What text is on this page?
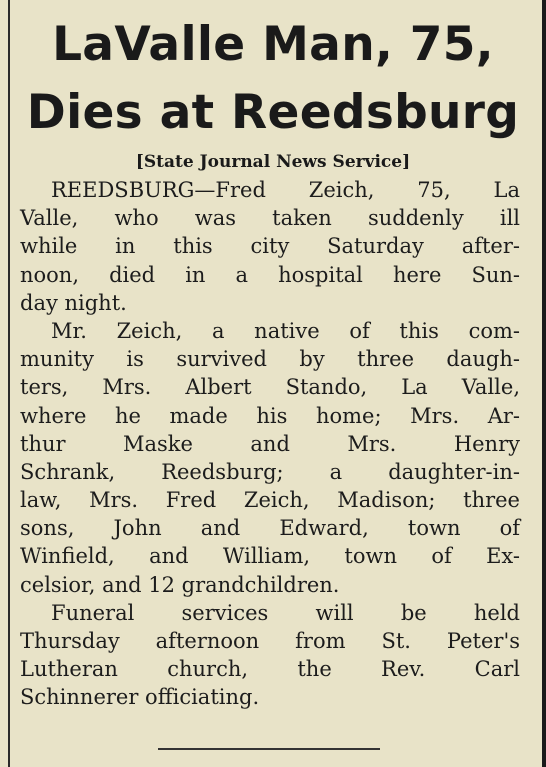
LaValle Man, 75,
Dies at Reedsburg
[State Journal News Service]
REEDSBURG—Fred Zeich, 75, La
Valle, who was taken suddenly ill
while in this city Saturday after-
noon, died in a hospital here Sun-
day night.
Mr. Zeich, a native of this com-
munity is survived by three daugh-
ters, Mrs. Albert Stando, La Valle,
where he made his home; Mrs. Ar-
thur Maske and Mrs. Henry
Schrank, Reedsburg; a daughter-in-
law, Mrs. Fred Zeich, Madison; three
sons, John and Edward, town of
Winfield, and William, town of Ex-
celsior, and 12 grandchildren.
Funeral services will be held
Thursday afternoon from St. Peter's
Lutheran church, the Rev. Carl
Schinnerer officiating.
